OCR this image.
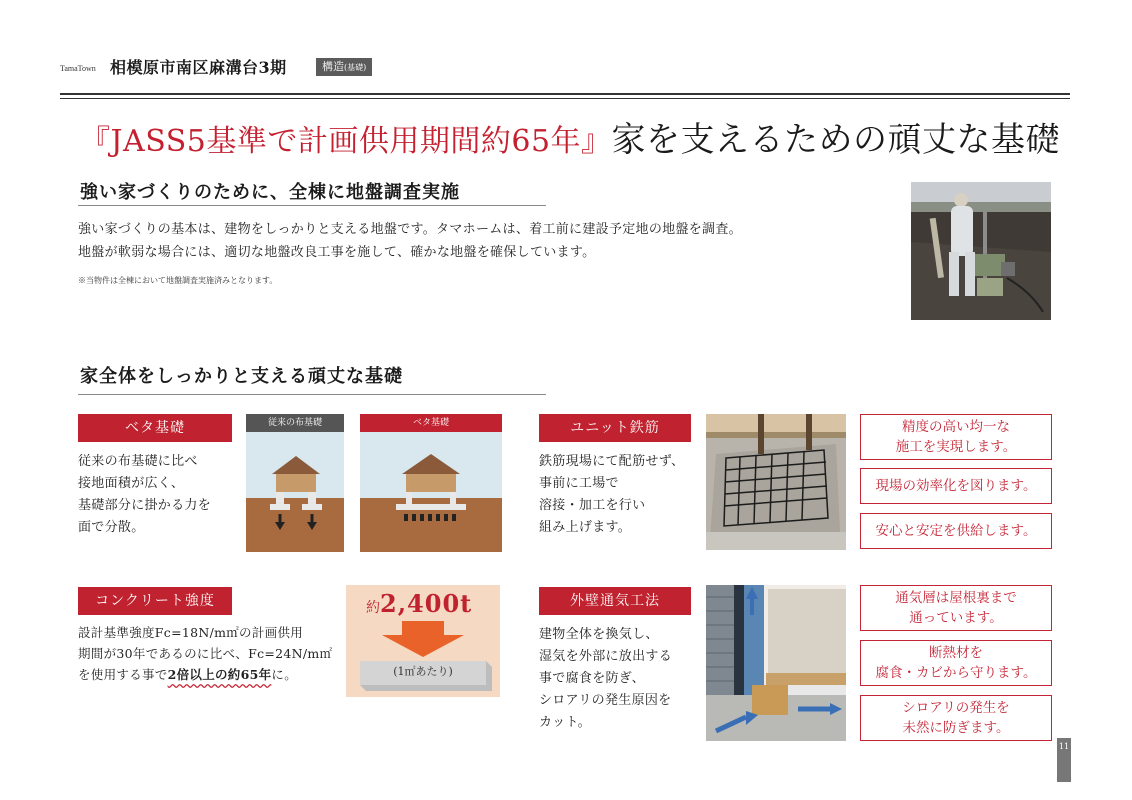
TamaTown 相模原市南区麻溝台3期	構造(基礎)
『JASS5基準で計画供用期間約65年』家を支えるための頑丈な基礎
強い家づくりのために、全棟に地盤調査実施
強い家づくりの基本は、建物をしっかりと支える地盤です。タマホームは、着工前に建設予定地の地盤を調査。
地盤が軟弱な場合には、適切な地盤改良工事を施して、確かな地盤を確保しています。
※当物件は全棟において地盤調査実施済みとなります。
家全体をしっかりと支える頑丈な基礎
ベタ基礎
従来の布基礎に比べ
接地面積が広く、
基礎部分に掛かる力を
面で分散。
従来の布基礎	ベタ基礎	ユニット鉄筋
鉄筋現場にて配筋せず、
事前に工場で
溶接・加工を行い
組み上げます。
精度の高い均一な
施工を実現します。
現場の効率化を図ります。
安心と安定を供給します。
コンクリート強度
設計基準強度Fc=18N/m㎡の計画供用
期間が30年であるのに比べ、Fc=24N/m㎡
を使用する事で2倍以上の約65年に。
約2,400t
(1㎡あたり)
外壁通気工法
建物全体を換気し、
湿気を外部に放出する
事で腐食を防ぎ、
シロアリの発生原因を
カット。
通気層は屋根裏まで
通っています。
断熱材を
腐食・カビから守ります。
シロアリの発生を
未然に防ぎます。
11
